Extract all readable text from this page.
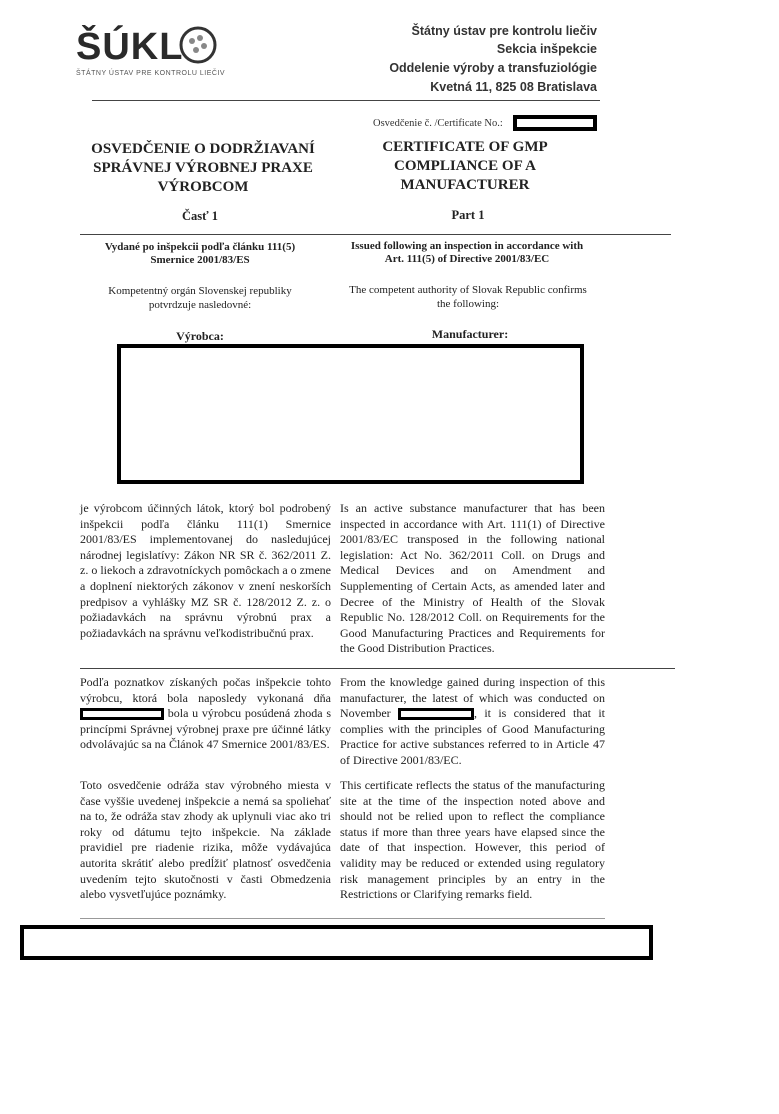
ŠÚKL
ŠTÁTNY ÚSTAV PRE KONTROLU LIEČIV
Štátny ústav pre kontrolu liečiv
Sekcia inšpekcie
Oddelenie výroby a transfuziológie
Kvetná 11, 825 08 Bratislava
Osvedčenie č. /Certificate No.:
OSVEDČENIE O DODRŽIAVANÍ SPRÁVNEJ VÝROBNEJ PRAXE VÝROBCOM
CERTIFICATE OF GMP COMPLIANCE OF A MANUFACTURER
Časť 1	Part 1
Vydané po inšpekcii podľa článku 111(5) Smernice 2001/83/ES
Issued following an inspection in accordance with Art. 111(5) of Directive 2001/83/EC
Kompetentný orgán Slovenskej republiky potvrdzuje nasledovné:
The competent authority of Slovak Republic confirms the following:
Výrobca:	Manufacturer:
je výrobcom účinných látok, ktorý bol podrobený inšpekcii podľa článku 111(1) Smernice 2001/83/ES implementovanej do nasledujúcej národnej legislatívy: Zákon NR SR č. 362/2011 Z. z. o liekoch a zdravotníckych pomôckach a o zmene a doplnení niektorých zákonov v znení neskorších predpisov a vyhlášky MZ SR č. 128/2012 Z. z. o požiadavkách na správnu výrobnú prax a požiadavkách na správnu veľkodistribučnú prax.
Is an active substance manufacturer that has been inspected in accordance with Art. 111(1) of Directive 2001/83/EC transposed in the following national legislation: Act No. 362/2011 Coll. on Drugs and Medical Devices and on Amendment and Supplementing of Certain Acts, as amended later and Decree of the Ministry of Health of the Slovak Republic No. 128/2012 Coll. on Requirements for the Good Manufacturing Practices and Requirements for the Good Distribution Practices.
Podľa poznatkov získaných počas inšpekcie tohto výrobcu, ktorá bola naposledy vykonaná dňa  bola u výrobcu posúdená zhoda s princípmi Správnej výrobnej praxe pre účinné látky odvolávajúc sa na Článok 47 Smernice 2001/83/ES.
From the knowledge gained during inspection of this manufacturer, the latest of which was conducted on November	, it is considered that it complies with the principles of Good Manufacturing Practice for active substances referred to in Article 47 of Directive 2001/83/EC.
Toto osvedčenie odráža stav výrobného miesta v čase vyššie uvedenej inšpekcie a nemá sa spoliehať na to, že odráža stav zhody ak uplynuli viac ako tri roky od dátumu tejto inšpekcie. Na základe pravidiel pre riadenie rizika, môže vydávajúca autorita skrátiť alebo predĺžiť platnosť osvedčenia uvedením tejto skutočnosti v časti Obmedzenia alebo vysvetľujúce poznámky.
This certificate reflects the status of the manufacturing site at the time of the inspection noted above and should not be relied upon to reflect the compliance status if more than three years have elapsed since the date of that inspection. However, this period of validity may be reduced or extended using regulatory risk management principles by an entry in the Restrictions or Clarifying remarks field.
